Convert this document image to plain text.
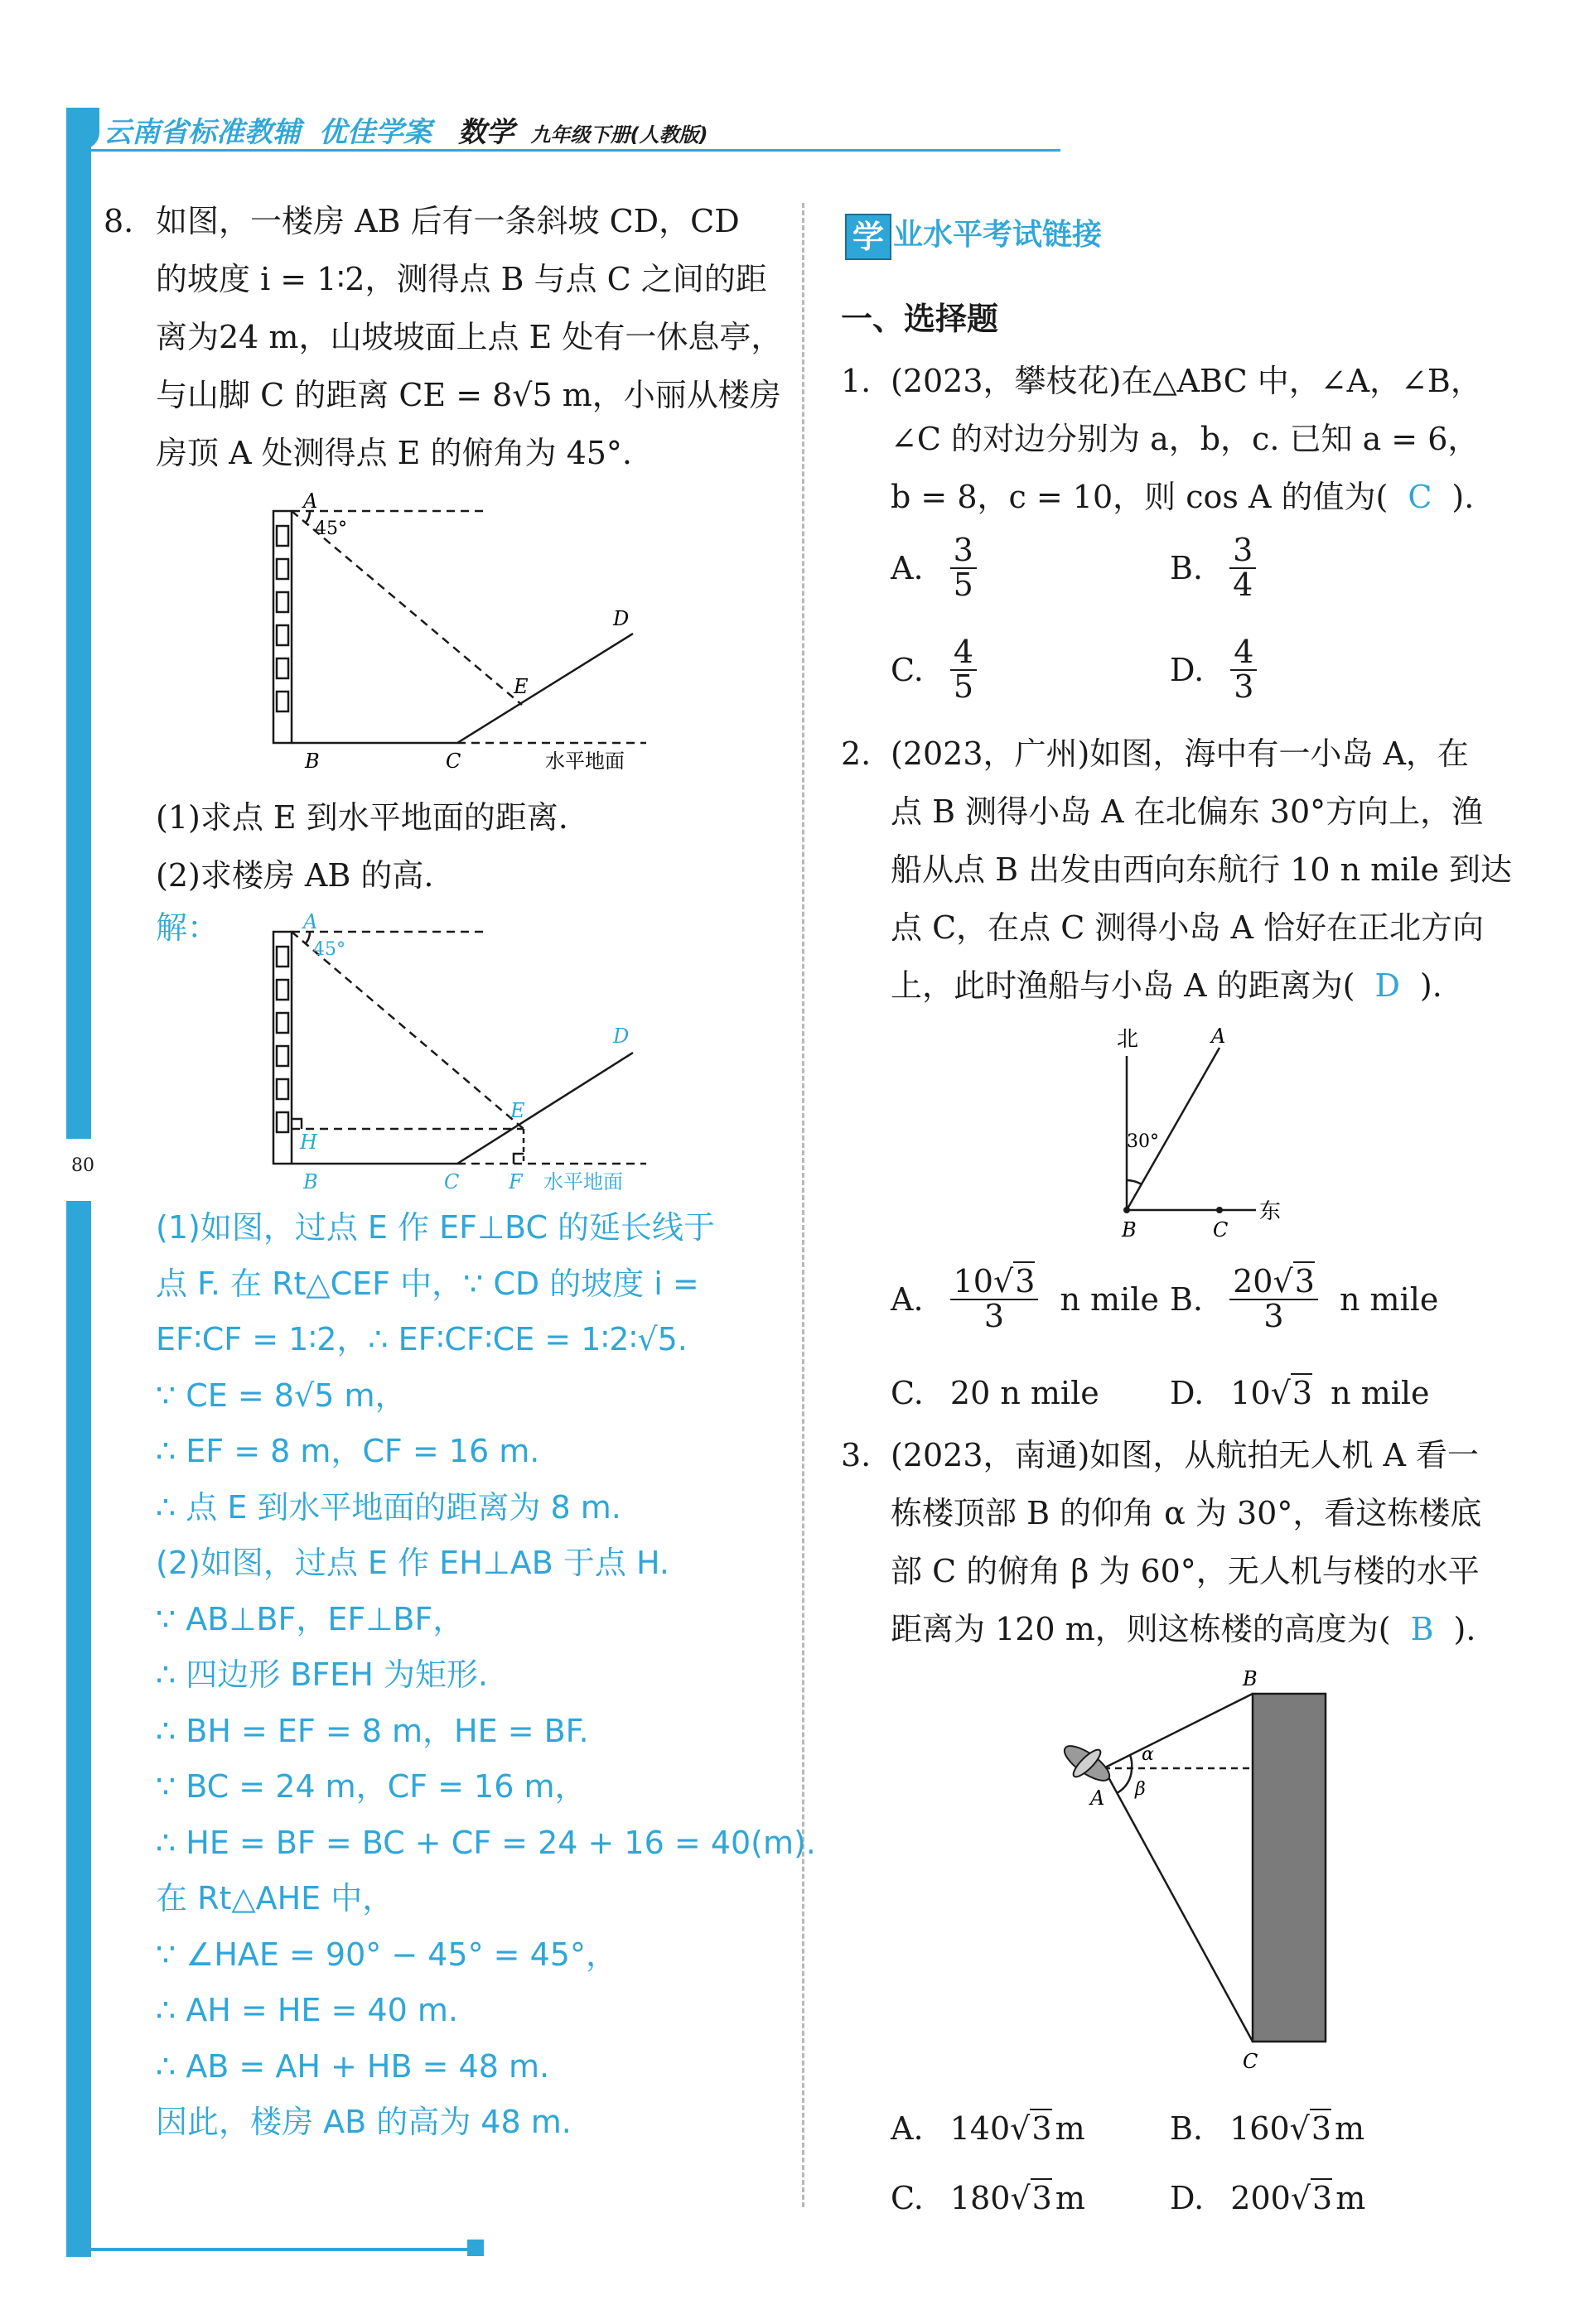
云南省标准教辅 优佳学案 数学 九年级下册(人教版)
80
8. 如图，一楼房 AB 后有一条斜坡 CD，CD
的坡度 i = 1∶2，测得点 B 与点 C 之间的距
离为24 m，山坡坡面上点 E 处有一休息亭，
与山脚 C 的距离 CE = 8√5 m，小丽从楼房
房顶 A 处测得点 E 的俯角为 45°.
A
45°
D
E
B	C	水平地面
(1)求点 E 到水平地面的距离.
(2)求楼房 AB 的高.
解：	A
45°
D
E
H
B	C F 水平地面
(1)如图，过点 E 作 EF⊥BC 的延长线于
点 F. 在 Rt△CEF 中，∵ CD 的坡度 i =
EF∶CF = 1∶2，∴ EF∶CF∶CE = 1∶2∶√5.
∵ CE = 8√5 m，
∴ EF = 8 m，CF = 16 m.
∴ 点 E 到水平地面的距离为 8 m.
(2)如图，过点 E 作 EH⊥AB 于点 H.
∵ AB⊥BF，EF⊥BF，
∴ 四边形 BFEH 为矩形.
∴ BH = EF = 8 m，HE = BF.
∵ BC = 24 m，CF = 16 m，
∴ HE = BF = BC + CF = 24 + 16 = 40(m).
在 Rt△AHE 中，
∵ ∠HAE = 90° − 45° = 45°，
∴ AH = HE = 40 m.
∴ AB = AH + HB = 48 m.
因此，楼房 AB 的高为 48 m.
学 业水平考试链接
一、选择题
1. (2023，攀枝花)在△ABC 中，∠A，∠B，
∠C 的对边分别为 a，b，c. 已知 a = 6，
b = 8，c = 10，则 cos A 的值为( C ).
A. $\frac{3}{5}$	B. $\frac{3}{4}$
C. $\frac{4}{5}$	D. $\frac{4}{3}$
2. (2023，广州)如图，海中有一小岛 A，在
点 B 测得小岛 A 在北偏东 30°方向上，渔
船从点 B 出发由西向东航行 10 n mile 到达
点 C，在点 C 测得小岛 A 恰好在正北方向
上，此时渔船与小岛 A 的距离为( D ).
北	A
30°
B	C
东
A. $\frac{10√3}{3}$ n mile B. $\frac{20√3}{3}$ n mile
C. 20 n mile D. 10√3 n mile
3. (2023，南通)如图，从航拍无人机 A 看一
栋楼顶部 B 的仰角 α 为 30°，看这栋楼底
部 C 的俯角 β 为 60°，无人机与楼的水平
距离为 120 m，则这栋楼的高度为( B ).
B
α
β
A
C
A. 140√3 m	B. 160√3 m
C. 180√3 m	D. 200√3 m
